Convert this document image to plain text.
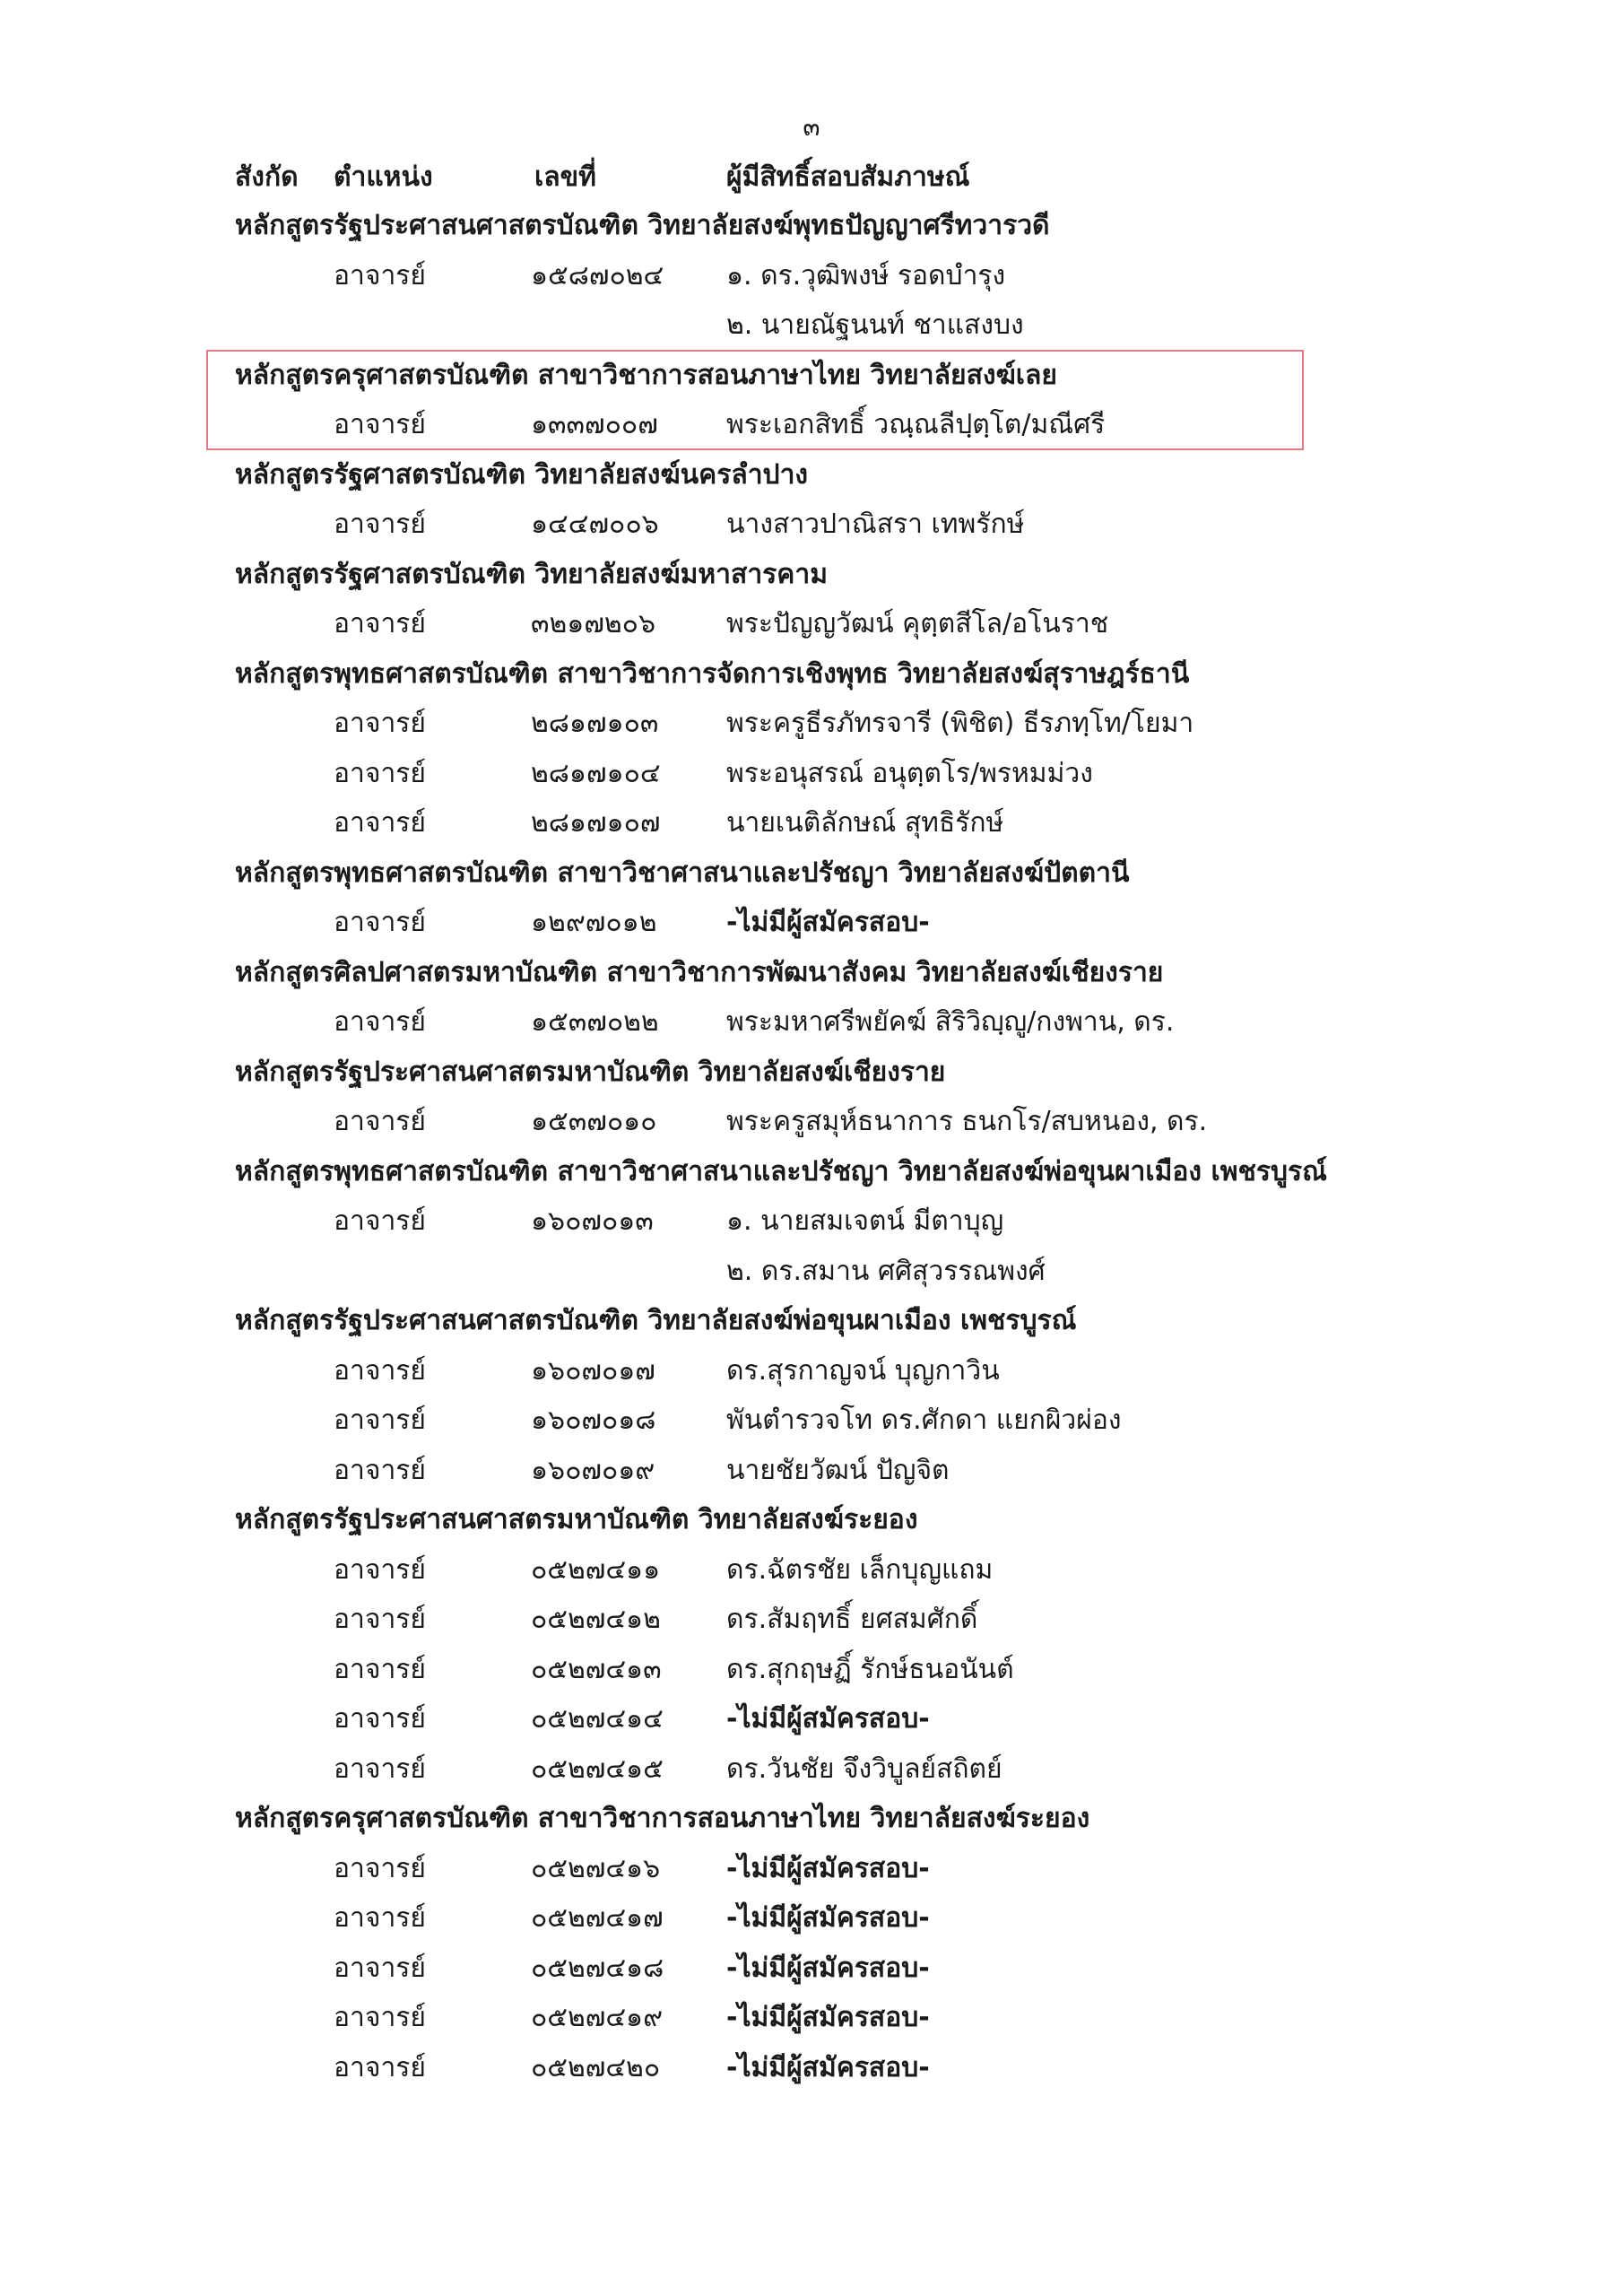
๓
สังกัด ตำแหน่ง	เลขที่	ผู้มีสิทธิ์สอบสัมภาษณ์
หลักสูตรรัฐประศาสนศาสตรบัณฑิต วิทยาลัยสงฆ์พุทธปัญญาศรีทวารวดี
อาจารย์	๑๕๘๗๐๒๔ ๑. ดร.วุฒิพงษ์ รอดบำรุง
๒. นายณัฐนนท์ ชาแสงบง
หลักสูตรครุศาสตรบัณฑิต สาขาวิชาการสอนภาษาไทย วิทยาลัยสงฆ์เลย
อาจารย์	๑๓๓๗๐๐๗	พระเอกสิทธิ์ วณฺณลีปฺตฺโต/มณีศรี
หลักสูตรรัฐศาสตรบัณฑิต วิทยาลัยสงฆ์นครลำปาง
อาจารย์	๑๔๔๗๐๐๖	นางสาวปาณิสรา เทพรักษ์
หลักสูตรรัฐศาสตรบัณฑิต วิทยาลัยสงฆ์มหาสารคาม
อาจารย์	๓๒๑๗๒๐๖	พระปัญญวัฒน์ คุตฺตสีโล/อโนราช
หลักสูตรพุทธศาสตรบัณฑิต สาขาวิชาการจัดการเชิงพุทธ วิทยาลัยสงฆ์สุราษฎร์ธานี
อาจารย์	๒๘๑๗๑๐๓	พระครูธีรภัทรจารี (พิชิต) ธีรภทฺโท/โยมา
อาจารย์	๒๘๑๗๑๐๔ พระอนุสรณ์ อนุตฺตโร/พรหมม่วง
อาจารย์	๒๘๑๗๑๐๗ นายเนติลักษณ์ สุทธิรักษ์
หลักสูตรพุทธศาสตรบัณฑิต สาขาวิชาศาสนาและปรัชญา วิทยาลัยสงฆ์ปัตตานี
อาจารย์	๑๒๙๗๐๑๒	-ไม่มีผู้สมัครสอบ-
หลักสูตรศิลปศาสตรมหาบัณฑิต สาขาวิชาการพัฒนาสังคม วิทยาลัยสงฆ์เชียงราย
อาจารย์	๑๕๓๗๐๒๒	พระมหาศรีพยัคฆ์ สิริวิญฺญู/กงพาน, ดร.
หลักสูตรรัฐประศาสนศาสตรมหาบัณฑิต วิทยาลัยสงฆ์เชียงราย
อาจารย์	๑๕๓๗๐๑๐	พระครูสมุห์ธนาการ ธนกโร/สบหนอง, ดร.
หลักสูตรพุทธศาสตรบัณฑิต สาขาวิชาศาสนาและปรัชญา วิทยาลัยสงฆ์พ่อขุนผาเมือง เพชรบูรณ์
อาจารย์	๑๖๐๗๐๑๓	๑. นายสมเจตน์ มีตาบุญ
๒. ดร.สมาน ศศิสุวรรณพงศ์
หลักสูตรรัฐประศาสนศาสตรบัณฑิต วิทยาลัยสงฆ์พ่อขุนผาเมือง เพชรบูรณ์
อาจารย์	๑๖๐๗๐๑๗	ดร.สุรกาญจน์ บุญกาวิน
อาจารย์	๑๖๐๗๐๑๘	พันตำรวจโท ดร.ศักดา แยกผิวผ่อง
อาจารย์	๑๖๐๗๐๑๙	นายชัยวัฒน์ ปัญจิต
หลักสูตรรัฐประศาสนศาสตรมหาบัณฑิต วิทยาลัยสงฆ์ระยอง
อาจารย์	๐๕๒๗๔๑๑ ดร.ฉัตรชัย เล็กบุญแถม
อาจารย์	๐๕๒๗๔๑๒ ดร.สัมฤทธิ์ ยศสมศักดิ์
อาจารย์	๐๕๒๗๔๑๓ ดร.สุกฤษฏิ์ รักษ์ธนอนันต์
อาจารย์	๐๕๒๗๔๑๔ -ไม่มีผู้สมัครสอบ-
อาจารย์	๐๕๒๗๔๑๕ ดร.วันชัย จึงวิบูลย์สถิตย์
หลักสูตรครุศาสตรบัณฑิต สาขาวิชาการสอนภาษาไทย วิทยาลัยสงฆ์ระยอง
อาจารย์	๐๕๒๗๔๑๖ -ไม่มีผู้สมัครสอบ-
อาจารย์	๐๕๒๗๔๑๗ -ไม่มีผู้สมัครสอบ-
อาจารย์	๐๕๒๗๔๑๘ -ไม่มีผู้สมัครสอบ-
อาจารย์	๐๕๒๗๔๑๙ -ไม่มีผู้สมัครสอบ-
อาจารย์	๐๕๒๗๔๒๐ -ไม่มีผู้สมัครสอบ-
